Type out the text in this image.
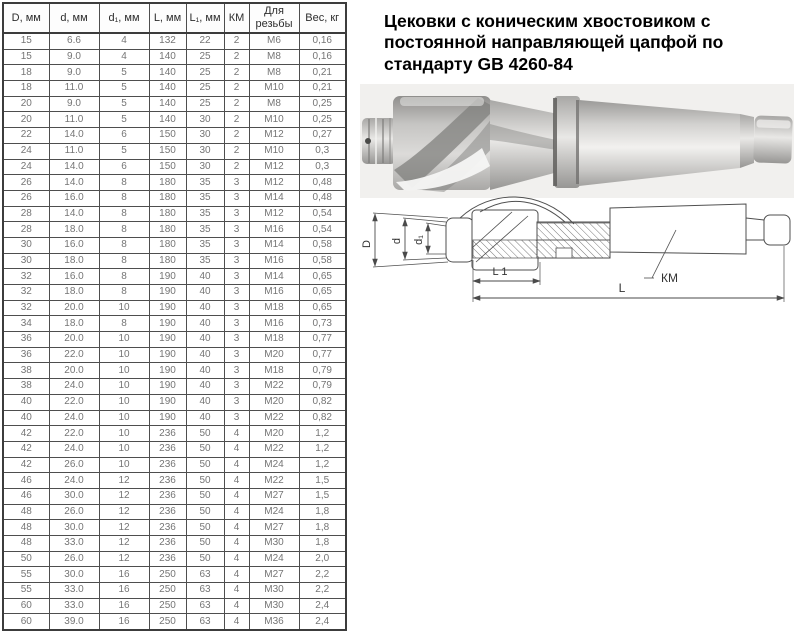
D, мм	d, мм	d₁, мм	L, мм	L₁, мм	КМ	Для резьбы	Вес, кг
15	6.6	4	132	22	2	M6	0,16
15	9.0	4	140	25	2	M8	0,16
18	9.0	5	140	25	2	M8	0,21
18	11.0	5	140	25	2	M10	0,21
20	9.0	5	140	25	2	M8	0,25
20	11.0	5	140	30	2	M10	0,25
22	14.0	6	150	30	2	M12	0,27
24	11.0	5	150	30	2	M10	0,3
24	14.0	6	150	30	2	M12	0,3
26	14.0	8	180	35	3	M12	0,48
26	16.0	8	180	35	3	M14	0,48
28	14.0	8	180	35	3	M12	0,54
28	18.0	8	180	35	3	M16	0,54
30	16.0	8	180	35	3	M14	0,58
30	18.0	8	180	35	3	M16	0,58
32	16.0	8	190	40	3	M14	0,65
32	18.0	8	190	40	3	M16	0,65
32	20.0	10	190	40	3	M18	0,65
34	18.0	8	190	40	3	M16	0,73
36	20.0	10	190	40	3	M18	0,77
36	22.0	10	190	40	3	M20	0,77
38	20.0	10	190	40	3	M18	0,79
38	24.0	10	190	40	3	M22	0,79
40	22.0	10	190	40	3	M20	0,82
40	24.0	10	190	40	3	M22	0,82
42	22.0	10	236	50	4	M20	1,2
42	24.0	10	236	50	4	M22	1,2
42	26.0	10	236	50	4	M24	1,2
46	24.0	12	236	50	4	M22	1,5
46	30.0	12	236	50	4	M27	1,5
48	26.0	12	236	50	4	M24	1,8
48	30.0	12	236	50	4	M27	1,8
48	33.0	12	236	50	4	M30	1,8
50	26.0	12	236	50	4	M24	2,0
55	30.0	16	250	63	4	M27	2,2
55	33.0	16	250	63	4	M30	2,2
60	33.0	16	250	63	4	M30	2,4
60	39.0	16	250	63	4	M36	2,4
Цековки с коническим хвостовиком с постоянной направляющей цапфой по стандарту GB 4260-84
D d d₁
КМ
L 1
L
